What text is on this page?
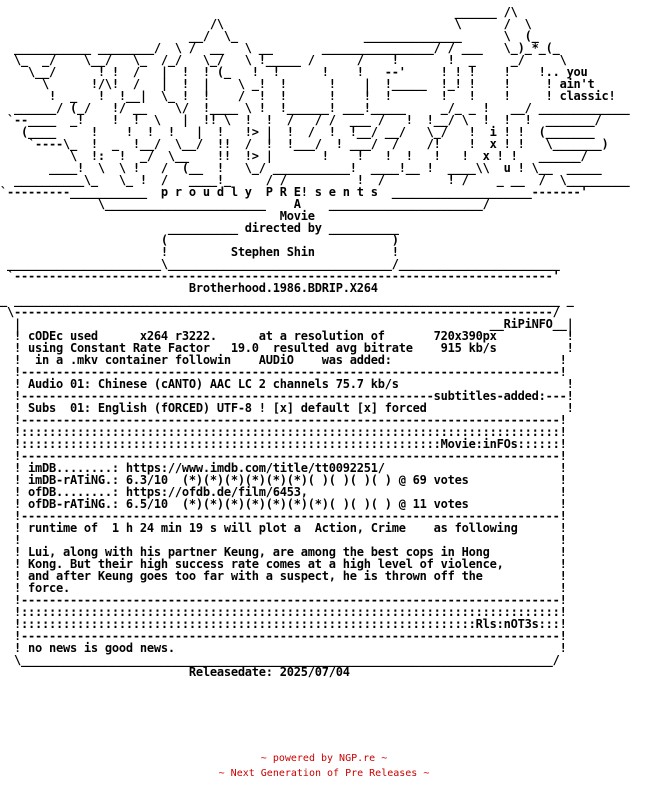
______ /\
/\                                 \      /  \
__/  \_                  ______________      \  (_
___________ ________/  \ /  __   \ __       ________________/ / ___   \_)_*_(_
\_  _/    \__/   \_  /_/   \_/   \ !_____ /      /    !       !  _     _/     \
\__/      ! !  /   |  !  ! (_   !  !      !    !   --'     ! ! !    !    !.. you
\      !/\!  /   |  !  |    \ _!  !      !    |  !_____  !_! !    !     ! ain't
!  _   !  !__|  \_ !  !    /  !  !      !    !  !       !   !    !     ! classic!
______/ (_/   !/ __    \/  !____ \ !  !______! ___!_____     _/_ _ !   __/ _____________
`--____  _!    !  !  \   |  !! \  !  !  /   / /  ___ /   !  !__/ \  !  !  !  _______/
(____     !    !  !  !   |  !   !> |  !  /  !  !__/ __/   \_/   !  i ! !  (_______
`----\_  !  _  !__/  \__/  !!  /  !  !___/  ! ___/  /    /!    !  x ! !   \_______)
\  !:  !  _/  \__    !!  !> |       !    !   !  !   !   !  x ! !   ______/
____!  \  \ !   /  (__  !   \_/ ___________!  ____!__ !  ____\\  u ! \__  _____
__________\_   \_ !  /   ____!_     / /          !  /         ! /    _ __  /  \_________
`---------___________  p r o u d l y  P R E! s e n t s  ____________________-------'
\_______________________    A    ______________________/
Movie
__________ directed by __________
(                                )
!         Stephen Shin           !
______________________\________________________________/_______________________
`-----------------------------------------------------------------------------'
Brotherhood.1986.BDRIP.X264
_ ______________________________________________________________________________ _
\-----------------------------------------------------------------------------/
|                                                                   __RiPiNFO__|
! cODEc used      x264 r3222.      at a resolution of       720x390px          !
! using Constant Rate Factor   19.0  resulted avg bitrate    915 kb/s          !
!  in a .mkv container followin    AUDiO    was added:                        !
!-----------------------------------------------------------------------------!
! Audio 01: Chinese (cANTO) AAC LC 2 channels 75.7 kb/s                        !
!-----------------------------------------------------------subtitles-added:---!
! Subs  01: English (fORCED) UTF-8 ! [x] default [x] forced                    !
!-----------------------------------------------------------------------------!
!:::::::::::::::::::::::::::::::::::::::::::::::::::::::::::::::::::::::::::::!
!::::::::::::::::::::::::::::::::::::::::::::::::::::::::::::Movie:inFOs::::::!
!-----------------------------------------------------------------------------!
! imDB........: https://www.imdb.com/title/tt0092251/                         !
! imDB-rATiNG.: 6.3/10  (*)(*)(*)(*)(*)(*)( )( )( )( ) @ 69 votes             !
! ofDB........: https://ofdb.de/film/6453,                                    !
! ofDB-rATiNG.: 6.5/10  (*)(*)(*)(*)(*)(*)(*)( )( )( ) @ 11 votes             !
!-----------------------------------------------------------------------------!
! runtime of  1 h 24 min 19 s will plot a  Action, Crime    as following      !
!                                                                             !
! Lui, along with his partner Keung, are among the best cops in Hong          !
! Kong. But their high success rate comes at a high level of violence,        !
! and after Keung goes too far with a suspect, he is thrown off the           !
! force.                                                                      !
!-----------------------------------------------------------------------------!
!:::::::::::::::::::::::::::::::::::::::::::::::::::::::::::::::::::::::::::::!
!:::::::::::::::::::::::::::::::::::::::::::::::::::::::::::::::::Rls:nOT3s:::!
!-----------------------------------------------------------------------------!
! no news is good news.                                                       !
\____________________________________________________________________________/
Releasedate: 2025/07/04
~ powered by NGP.re ~
~ Next Generation of Pre Releases ~
